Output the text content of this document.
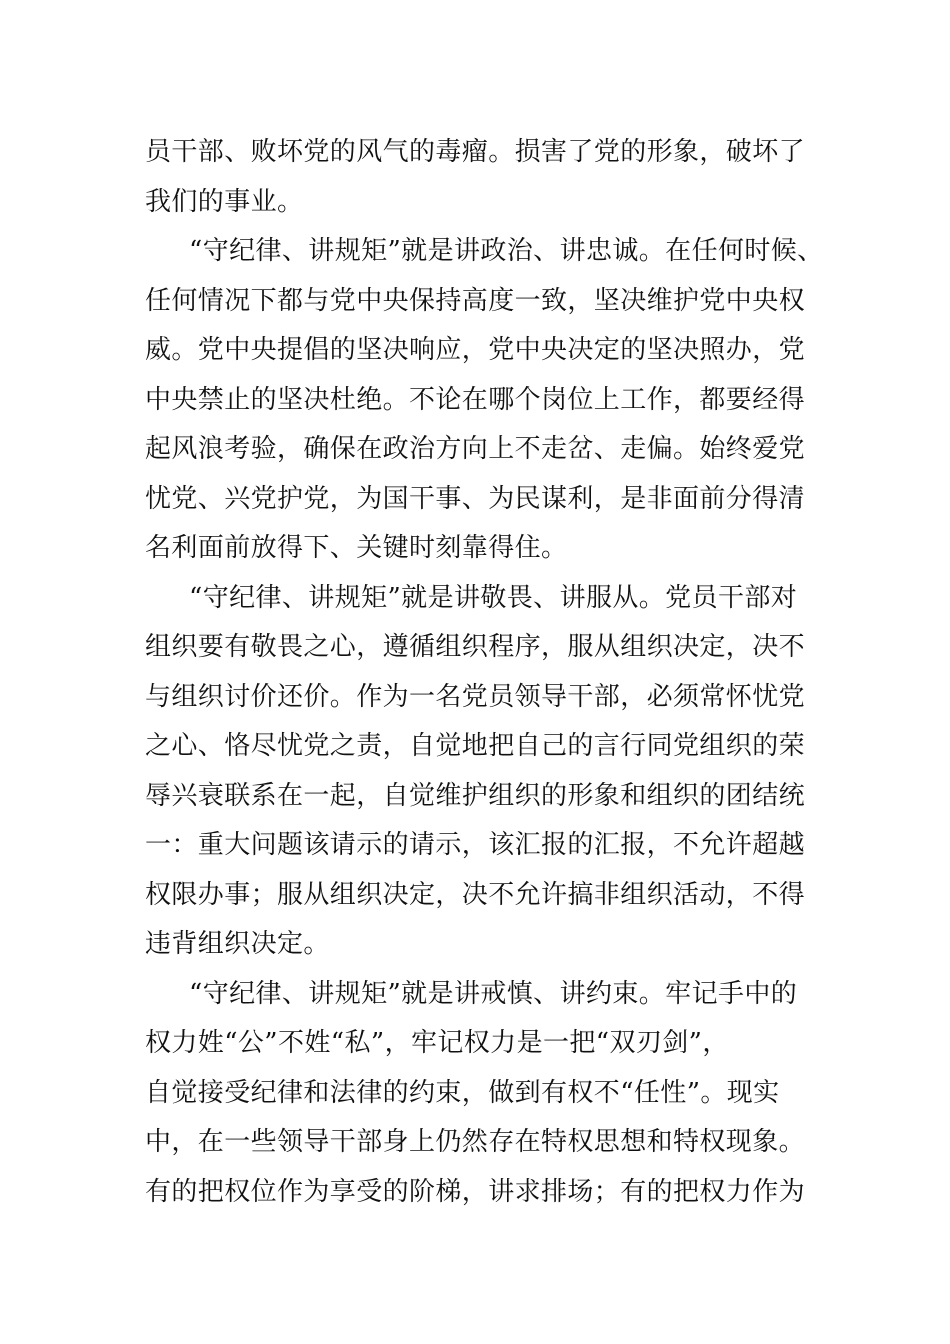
员干部、败坏党的风气的毒瘤。损害了党的形象，破坏了
我们的事业。
“守纪律、讲规矩”就是讲政治、讲忠诚。在任何时候、
任何情况下都与党中央保持高度一致，坚决维护党中央权
威。党中央提倡的坚决响应，党中央决定的坚决照办，党
中央禁止的坚决杜绝。不论在哪个岗位上工作，都要经得
起风浪考验，确保在政治方向上不走岔、走偏。始终爱党
忧党、兴党护党，为国干事、为民谋利，是非面前分得清
名利面前放得下、关键时刻靠得住。
“守纪律、讲规矩”就是讲敬畏、讲服从。党员干部对
组织要有敬畏之心，遵循组织程序，服从组织决定，决不
与组织讨价还价。作为一名党员领导干部，必须常怀忧党
之心、恪尽忧党之责，自觉地把自己的言行同党组织的荣
辱兴衰联系在一起，自觉维护组织的形象和组织的团结统
一：重大问题该请示的请示，该汇报的汇报，不允许超越
权限办事；服从组织决定，决不允许搞非组织活动，不得
违背组织决定。
“守纪律、讲规矩”就是讲戒慎、讲约束。牢记手中的
权力姓“公”不姓“私”，牢记权力是一把“双刃剑”，
自觉接受纪律和法律的约束，做到有权不“任性”。现实
中，在一些领导干部身上仍然存在特权思想和特权现象。
有的把权位作为享受的阶梯，讲求排场；有的把权力作为
